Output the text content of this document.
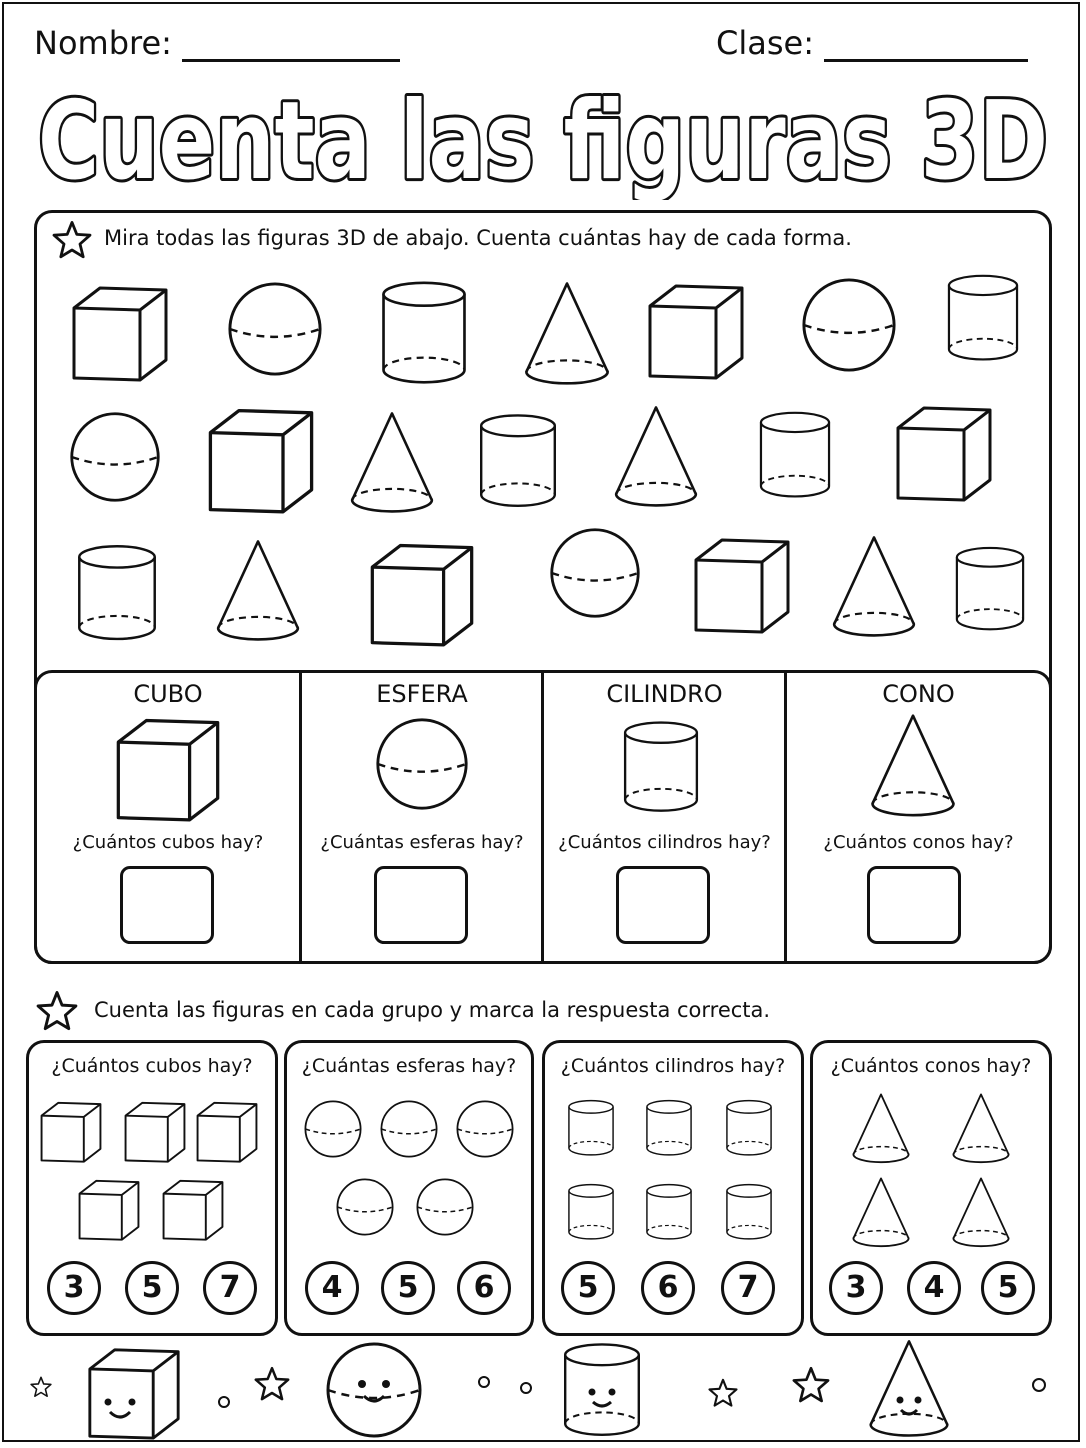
Nombre:	Clase:
Cuenta las figuras 3D
Mira todas las figuras 3D de abajo. Cuenta cuántas hay de cada forma.
CUBO
¿Cuántos cubos hay?
ESFERA
¿Cuántas esferas hay?
CILINDRO
¿Cuántos cilindros hay?
CONO
¿Cuántos conos hay?
Cuenta las figuras en cada grupo y marca la respuesta correcta.
¿Cuántos cubos hay?
3	5	7
¿Cuántas esferas hay?
4	5	6
¿Cuántos cilindros hay?
5	6	7
¿Cuántos conos hay?
3	4	5
